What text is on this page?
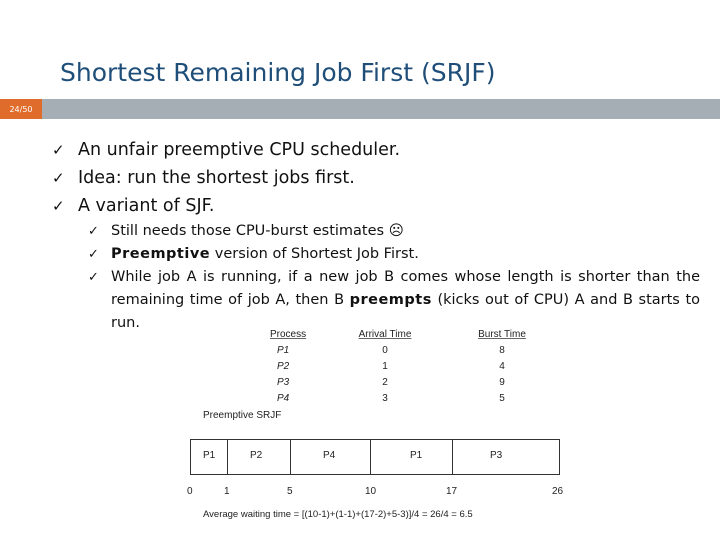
Shortest Remaining Job First (SRJF)
24/50
✓ An unfair preemptive CPU scheduler.
✓ Idea: run the shortest jobs first.
✓ A variant of SJF.
✓ Still needs those CPU-burst estimates ☹
✓ Preemptive version of Shortest Job First.
✓ While job A is running, if a new job B comes whose length is shorter than the remaining time of job A, then B preempts (kicks out of CPU) A and B starts to run.
Process	Arrival Time	Burst Time
P1	0	8
P2	1	4
P3	2	9
P4	3	5
Preemptive SRJF
P1	P2	P4	P1	P3
0	1	5	10	17	26
Average waiting time = [(10-1)+(1-1)+(17-2)+5-3)]/4 = 26/4 = 6.5
